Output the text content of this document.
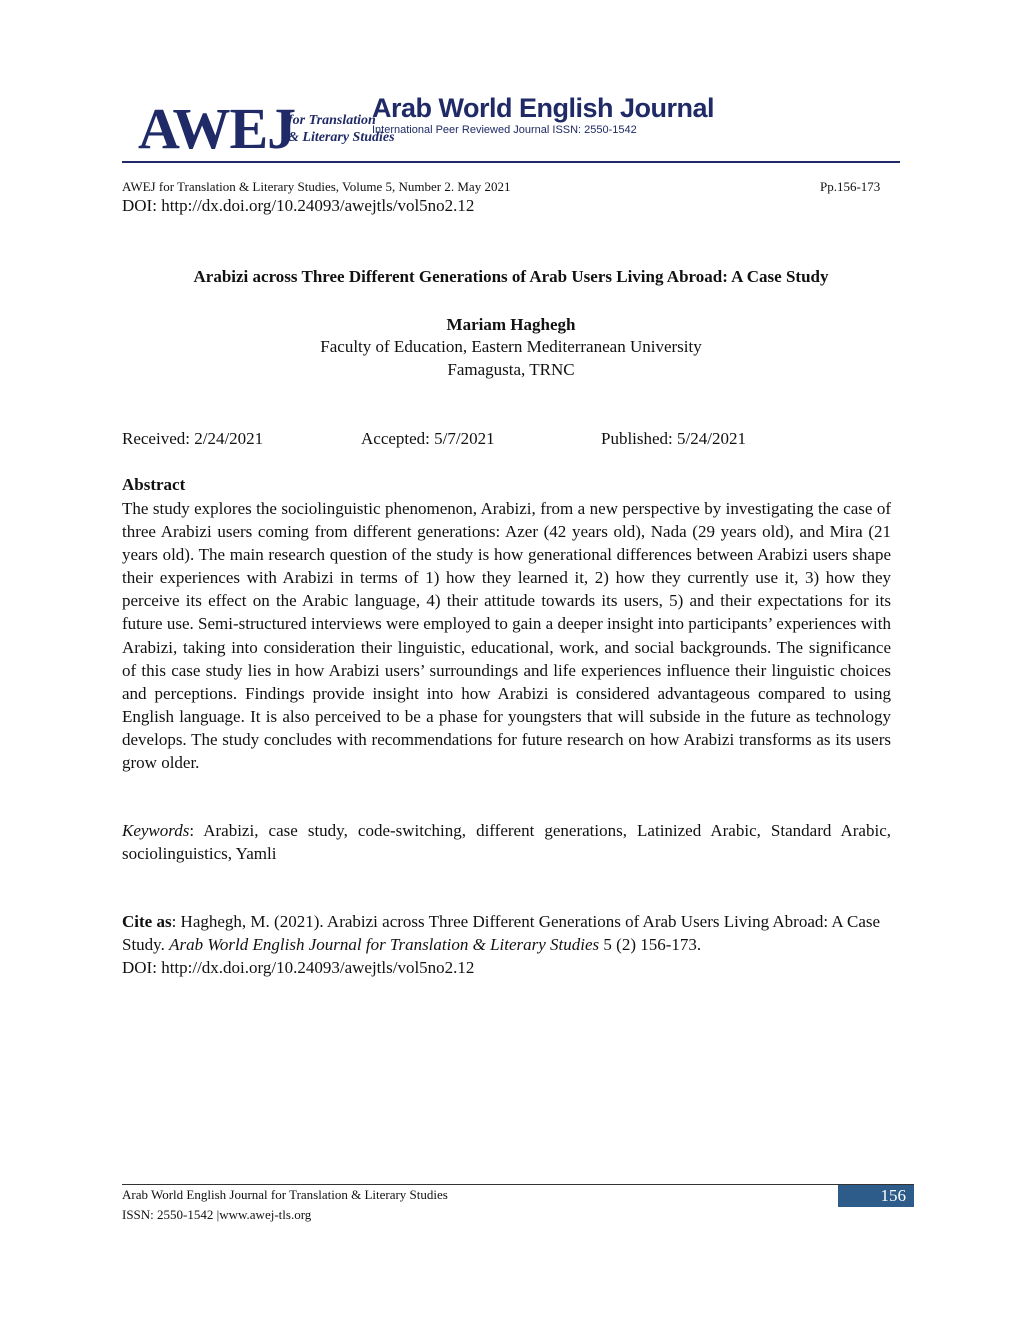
AWEJ
for Translation
& Literary Studies
Arab World English Journal
International Peer Reviewed Journal ISSN: 2550-1542
AWEJ for Translation & Literary Studies, Volume 5, Number 2. May 2021	Pp.156-173
DOI: http://dx.doi.org/10.24093/awejtls/vol5no2.12
Arabizi across Three Different Generations of Arab Users Living Abroad: A Case Study
Mariam Haghegh
Faculty of Education, Eastern Mediterranean University
Famagusta, TRNC
Received: 2/24/2021	Accepted: 5/7/2021	Published: 5/24/2021
Abstract
The study explores the sociolinguistic phenomenon, Arabizi, from a new perspective by investigating the case of three Arabizi users coming from different generations: Azer (42 years old), Nada (29 years old), and Mira (21 years old). The main research question of the study is how generational differences between Arabizi users shape their experiences with Arabizi in terms of 1) how they learned it, 2) how they currently use it, 3) how they perceive its effect on the Arabic language, 4) their attitude towards its users, 5) and their expectations for its future use. Semi-structured interviews were employed to gain a deeper insight into participants’ experiences with Arabizi, taking into consideration their linguistic, educational, work, and social backgrounds. The significance of this case study lies in how Arabizi users’ surroundings and life experiences influence their linguistic choices and perceptions. Findings provide insight into how Arabizi is considered advantageous compared to using English language. It is also perceived to be a phase for youngsters that will subside in the future as technology develops. The study concludes with recommendations for future research on how Arabizi transforms as its users grow older.
Keywords: Arabizi, case study, code-switching, different generations, Latinized Arabic, Standard Arabic, sociolinguistics, Yamli
Cite as: Haghegh, M. (2021). Arabizi across Three Different Generations of Arab Users Living Abroad: A Case Study. Arab World English Journal for Translation & Literary Studies 5 (2) 156-173.
DOI: http://dx.doi.org/10.24093/awejtls/vol5no2.12
Arab World English Journal for Translation & Literary Studies
ISSN: 2550-1542 |www.awej-tls.org
156
